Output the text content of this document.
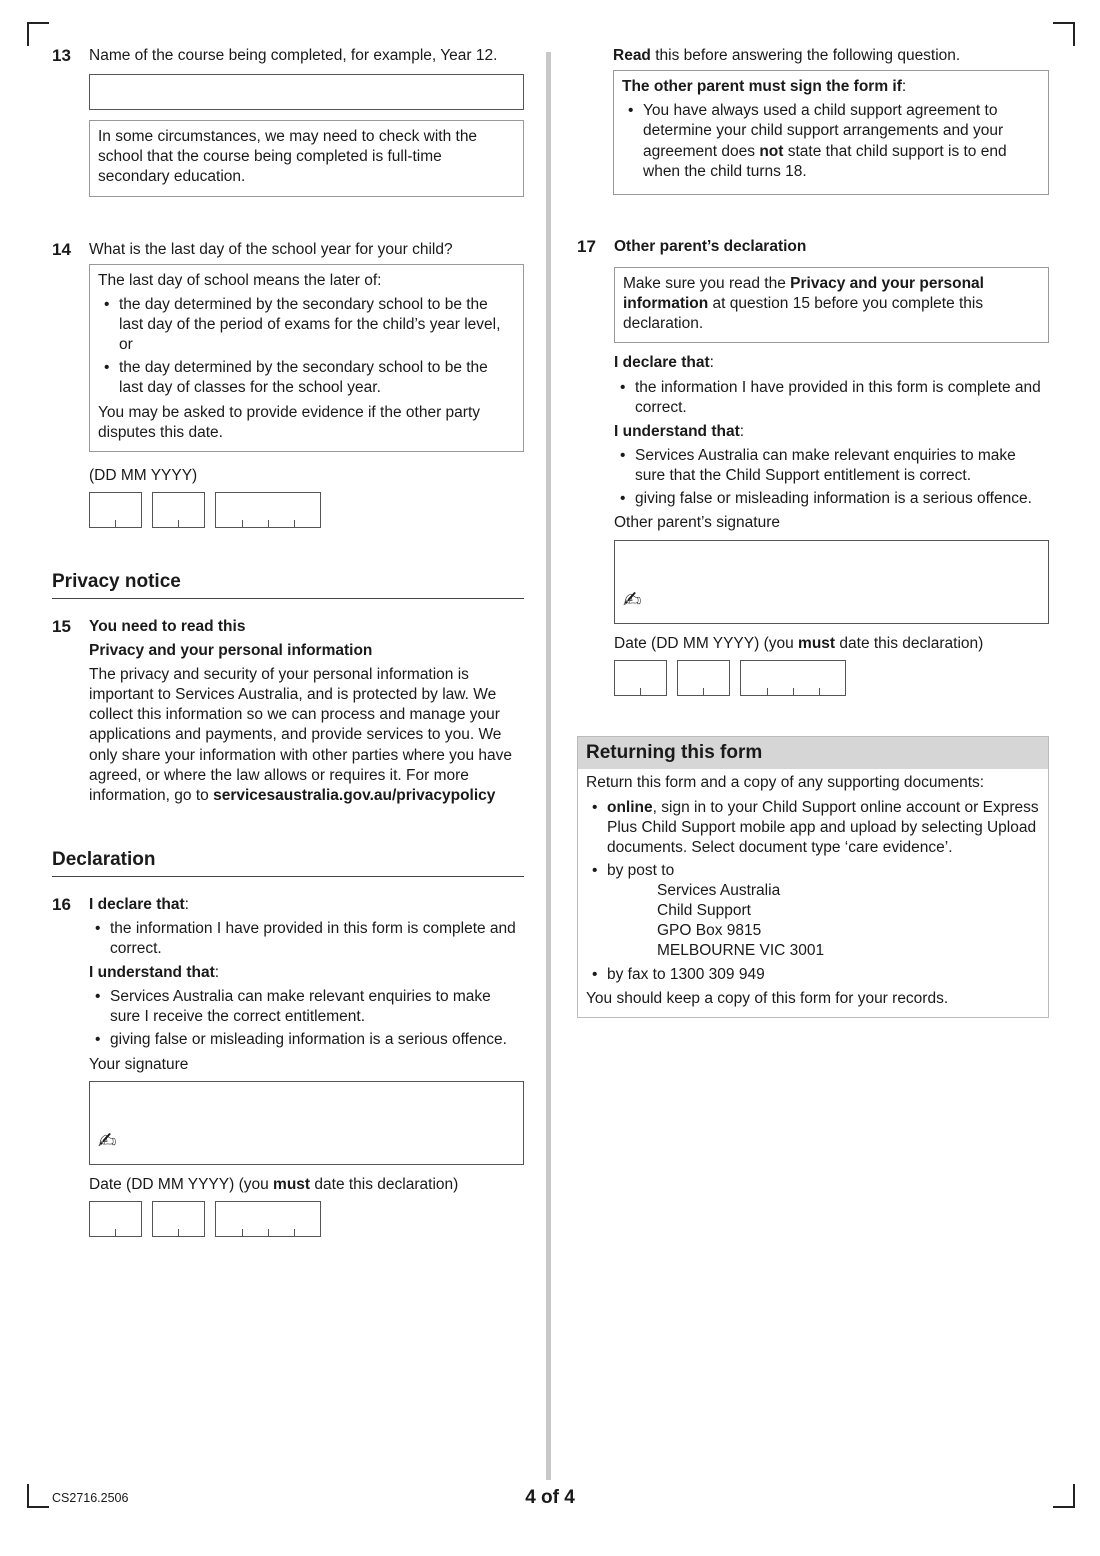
13 Name of the course being completed, for example, Year 12.
In some circumstances, we may need to check with the school that the course being completed is full-time secondary education.
14 What is the last day of the school year for your child?
The last day of school means the later of:
• the day determined by the secondary school to be the last day of the period of exams for the child’s year level, or
• the day determined by the secondary school to be the last day of classes for the school year.
You may be asked to provide evidence if the other party disputes this date.
(DD MM YYYY)
Privacy notice
15 You need to read this
Privacy and your personal information
The privacy and security of your personal information is important to Services Australia, and is protected by law. We collect this information so we can process and manage your applications and payments, and provide services to you. We only share your information with other parties where you have agreed, or where the law allows or requires it. For more information, go to servicesaustralia.gov.au/privacypolicy
Declaration
16 I declare that:
• the information I have provided in this form is complete and correct.
I understand that:
• Services Australia can make relevant enquiries to make sure I receive the correct entitlement.
• giving false or misleading information is a serious offence.
Your signature
✍
Date (DD MM YYYY) (you must date this declaration)
Read this before answering the following question.
The other parent must sign the form if:
• You have always used a child support agreement to determine your child support arrangements and your agreement does not state that child support is to end when the child turns 18.
17 Other parent’s declaration
Make sure you read the Privacy and your personal information at question 15 before you complete this declaration.
I declare that:
• the information I have provided in this form is complete and correct.
I understand that:
• Services Australia can make relevant enquiries to make sure that the Child Support entitlement is correct.
• giving false or misleading information is a serious offence.
Other parent’s signature
✍
Date (DD MM YYYY) (you must date this declaration)
Returning this form
Return this form and a copy of any supporting documents:
• online, sign in to your Child Support online account or Express Plus Child Support mobile app and upload by selecting Upload documents. Select document type ‘care evidence’.
• by post to
Services Australia
Child Support
GPO Box 9815
MELBOURNE VIC 3001
• by fax to 1300 309 949
You should keep a copy of this form for your records.
CS2716.2506	4 of 4
